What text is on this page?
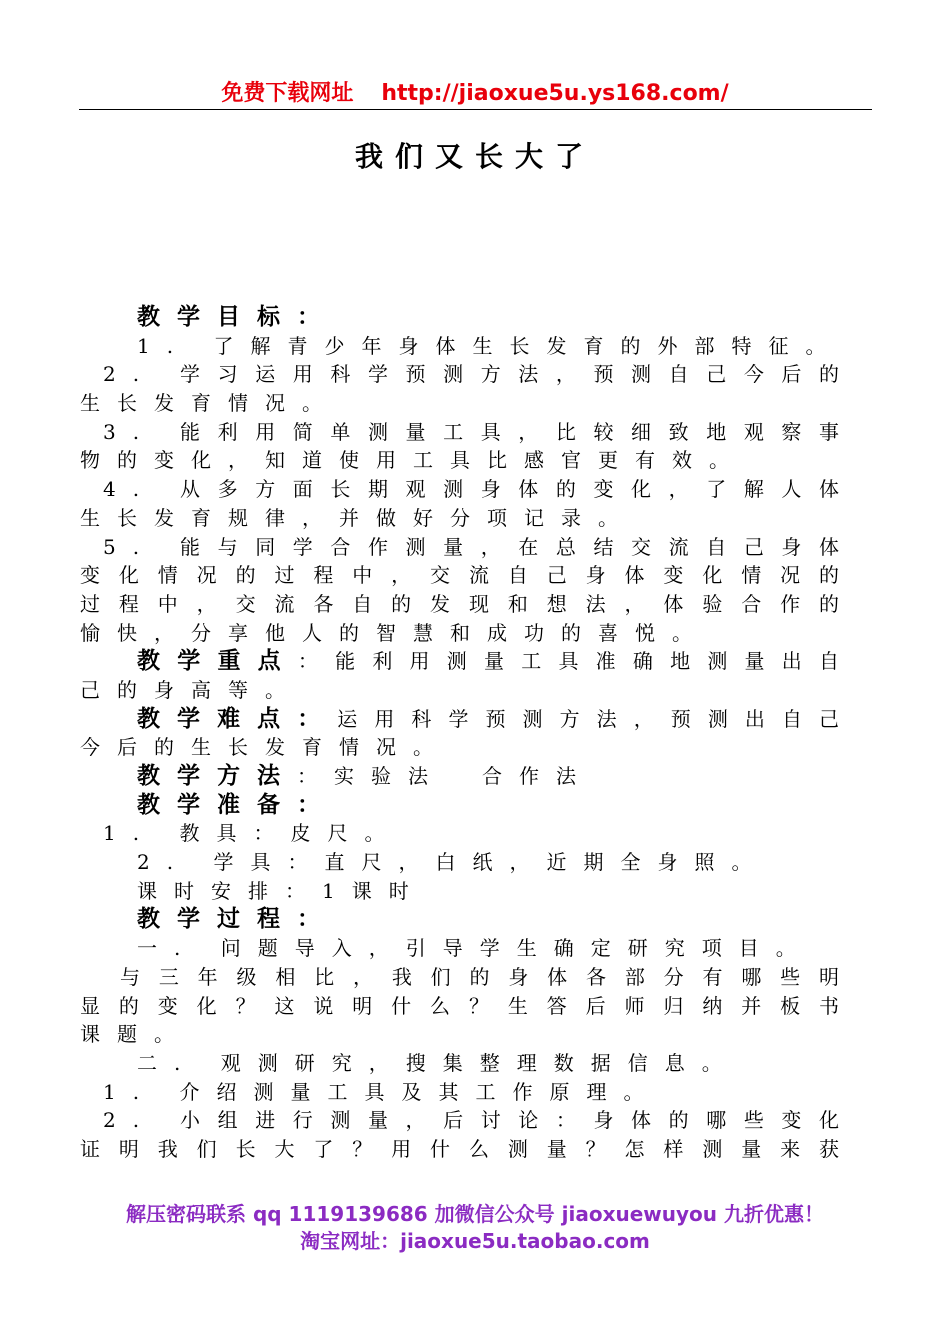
免费下载网址 http://jiaoxue5u.ys168.com/
我们又长大了
教学目标：
1. 了解青少年身体生长发育的外部特征。
2. 学习运用科学预测方法，预测自己今后的
生长发育情况。
3. 能利用简单测量工具，比较细致地观察事
物的变化，知道使用工具比感官更有效。
4. 从多方面长期观测身体的变化，了解人体
生长发育规律，并做好分项记录。
5. 能与同学合作测量，在总结交流自己身体
变化情况的过程中，交流自己身体变化情况的
过程中，交流各自的发现和想法，体验合作的
愉快，分享他人的智慧和成功的喜悦。
教学重点：能利用测量工具准确地测量出自
己的身高等。
教学难点：运用科学预测方法，预测出自己
今后的生长发育情况。
教学方法：实验法　合作法
教学准备：
1. 教具：皮尺。
2. 学具：直尺，白纸，近期全身照。
课时安排：1课时
教学过程：
一. 问题导入，引导学生确定研究项目。
与三年级相比，我们的身体各部分有哪些明
显的变化？这说明什么？生答后师归纳并板书
课题。
二. 观测研究，搜集整理数据信息。
1. 介绍测量工具及其工作原理。
2. 小组进行测量，后讨论：身体的哪些变化
证明我们长大了？用什么测量？怎样测量来获
解压密码联系 qq 1119139686 加微信公众号 jiaoxuewuyou 九折优惠！
淘宝网址：jiaoxue5u.taobao.com
